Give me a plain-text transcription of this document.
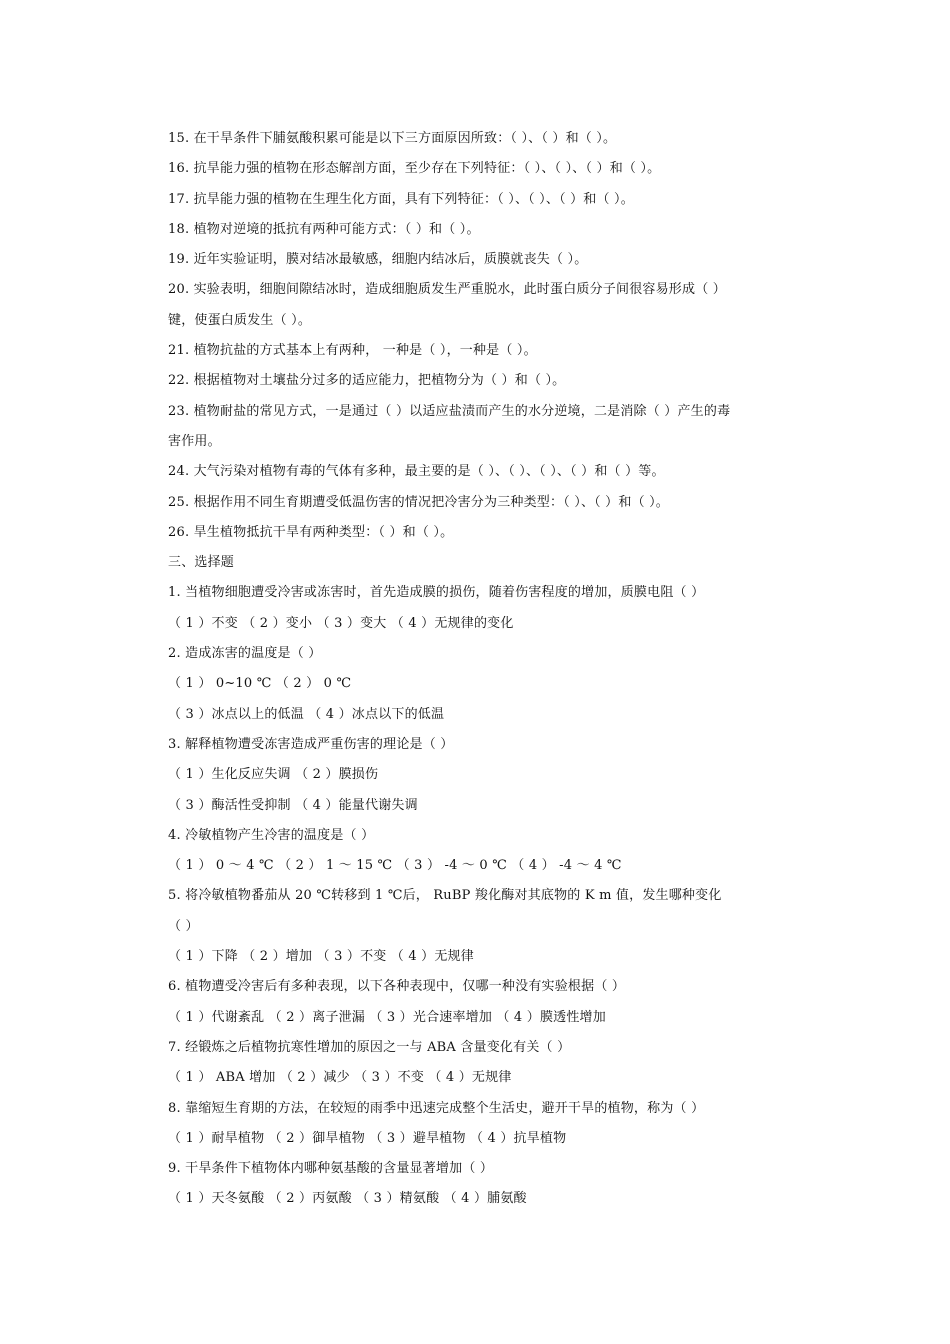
15. 在干旱条件下脯氨酸积累可能是以下三方面原因所致：（ ）、（ ）和（ ）。
16. 抗旱能力强的植物在形态解剖方面，至少存在下列特征：（ ）、（ ）、（ ）和（ ）。
17. 抗旱能力强的植物在生理生化方面，具有下列特征：（ ）、（ ）、（ ）和（ ）。
18. 植物对逆境的抵抗有两种可能方式：（ ）和（ ）。
19. 近年实验证明，膜对结冰最敏感，细胞内结冰后，质膜就丧失（ ）。
20. 实验表明，细胞间隙结冰时，造成细胞质发生严重脱水，此时蛋白质分子间很容易形成（ ）
键，使蛋白质发生（ ）。
21. 植物抗盐的方式基本上有两种， 一种是（ ），一种是（ ）。
22. 根据植物对土壤盐分过多的适应能力，把植物分为（ ）和（ ）。
23. 植物耐盐的常见方式，一是通过（ ）以适应盐渍而产生的水分逆境，二是消除（ ）产生的毒
害作用。
24. 大气污染对植物有毒的气体有多种，最主要的是（ ）、（ ）、（ ）、（ ）和（ ）等。
25. 根据作用不同生育期遭受低温伤害的情况把冷害分为三种类型：（ ）、（ ）和（ ）。
26. 旱生植物抵抗干旱有两种类型：（ ）和（ ）。
三、选择题
1. 当植物细胞遭受冷害或冻害时，首先造成膜的损伤，随着伤害程度的增加，质膜电阻（ ）
（ 1 ）不变 （ 2 ）变小 （ 3 ）变大 （ 4 ）无规律的变化
2. 造成冻害的温度是（ ）
（ 1 ） 0~10 ℃ （ 2 ） 0 ℃
（ 3 ）冰点以上的低温 （ 4 ）冰点以下的低温
3. 解释植物遭受冻害造成严重伤害的理论是（ ）
（ 1 ）生化反应失调 （ 2 ）膜损伤
（ 3 ）酶活性受抑制 （ 4 ）能量代谢失调
4. 冷敏植物产生冷害的温度是（ ）
（ 1 ） 0 ～ 4 ℃ （ 2 ） 1 ～ 15 ℃ （ 3 ） -4 ～ 0 ℃ （ 4 ） -4 ～ 4 ℃
5. 将冷敏植物番茄从 20 ℃转移到 1 ℃后， RuBP 羧化酶对其底物的 K m 值，发生哪种变化
（ ）
（ 1 ）下降 （ 2 ）增加 （ 3 ）不变 （ 4 ）无规律
6. 植物遭受冷害后有多种表现，以下各种表现中，仅哪一种没有实验根据（ ）
（ 1 ）代谢紊乱 （ 2 ）离子泄漏 （ 3 ）光合速率增加 （ 4 ）膜透性增加
7. 经锻炼之后植物抗寒性增加的原因之一与 ABA 含量变化有关（ ）
（ 1 ） ABA 增加 （ 2 ）减少 （ 3 ）不变 （ 4 ）无规律
8. 靠缩短生育期的方法，在较短的雨季中迅速完成整个生活史，避开干旱的植物，称为（ ）
（ 1 ）耐旱植物 （ 2 ）御旱植物 （ 3 ）避旱植物 （ 4 ）抗旱植物
9. 干旱条件下植物体内哪种氨基酸的含量显著增加（ ）
（ 1 ）天冬氨酸 （ 2 ）丙氨酸 （ 3 ）精氨酸 （ 4 ）脯氨酸
